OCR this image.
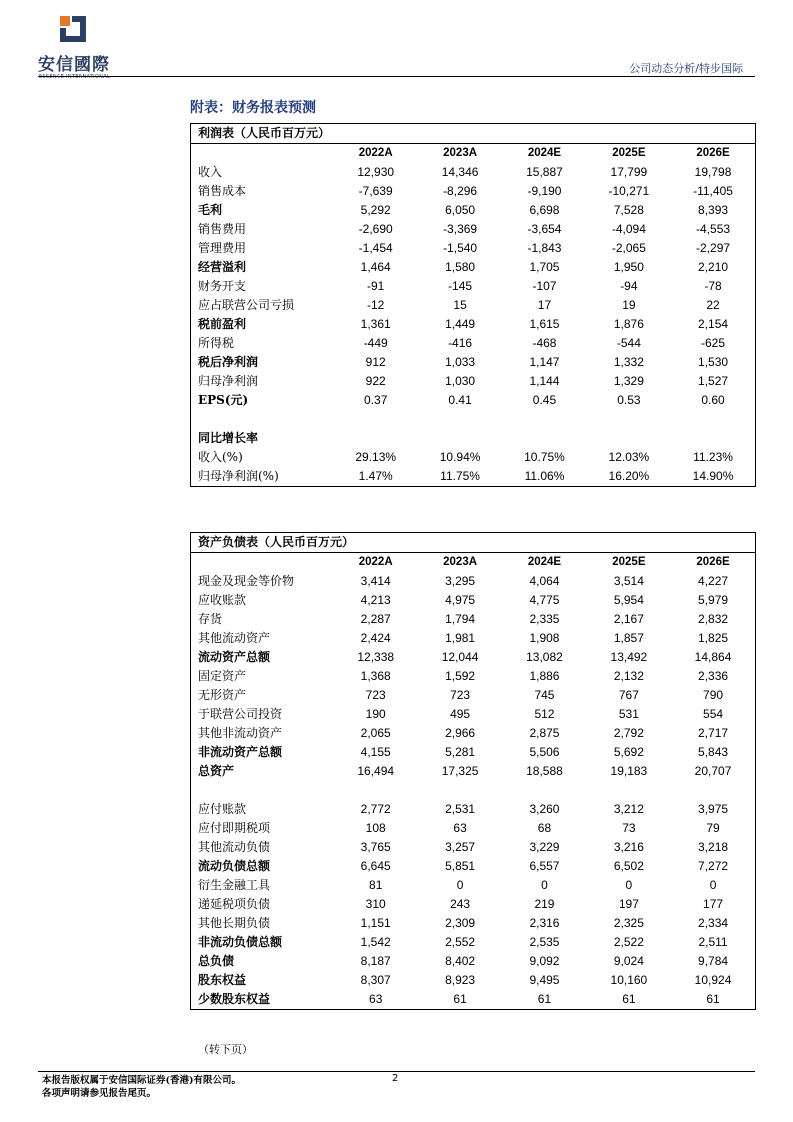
安信國際
ESSENCE INTERNATIONAL
公司动态分析/特步国际
附表：财务报表预测
利润表（人民币百万元）					
	2022A	2023A	2024E	2025E	2026E
收入	12,930	14,346	15,887	17,799	19,798
销售成本	-7,639	-8,296	-9,190	-10,271	-11,405
毛利	5,292	6,050	6,698	7,528	8,393
销售费用	-2,690	-3,369	-3,654	-4,094	-4,553
管理费用	-1,454	-1,540	-1,843	-2,065	-2,297
经营溢利	1,464	1,580	1,705	1,950	2,210
财务开支	-91	-145	-107	-94	-78
应占联营公司亏损	-12	15	17	19	22
税前盈利	1,361	1,449	1,615	1,876	2,154
所得税	-449	-416	-468	-544	-625
税后净利润	912	1,033	1,147	1,332	1,530
归母净利润	922	1,030	1,144	1,329	1,527
EPS(元)	0.37	0.41	0.45	0.53	0.60

同比增长率					
收入(%)	29.13%	10.94%	10.75%	12.03%	11.23%
归母净利润(%)	1.47%	11.75%	11.06%	16.20%	14.90%
资产负债表（人民币百万元）					
	2022A	2023A	2024E	2025E	2026E
现金及现金等价物	3,414	3,295	4,064	3,514	4,227
应收账款	4,213	4,975	4,775	5,954	5,979
存货	2,287	1,794	2,335	2,167	2,832
其他流动资产	2,424	1,981	1,908	1,857	1,825
流动资产总额	12,338	12,044	13,082	13,492	14,864
固定资产	1,368	1,592	1,886	2,132	2,336
无形资产	723	723	745	767	790
于联营公司投资	190	495	512	531	554
其他非流动资产	2,065	2,966	2,875	2,792	2,717
非流动资产总额	4,155	5,281	5,506	5,692	5,843
总资产	16,494	17,325	18,588	19,183	20,707

应付账款	2,772	2,531	3,260	3,212	3,975
应付即期税项	108	63	68	73	79
其他流动负债	3,765	3,257	3,229	3,216	3,218
流动负债总额	6,645	5,851	6,557	6,502	7,272
衍生金融工具	81	0	0	0	0
递延税项负债	310	243	219	197	177
其他长期负债	1,151	2,309	2,316	2,325	2,334
非流动负债总额	1,542	2,552	2,535	2,522	2,511
总负债	8,187	8,402	9,092	9,024	9,784
股东权益	8,307	8,923	9,495	10,160	10,924
少数股东权益	63	61	61	61	61
（转下页）
本报告版权属于安信国际证券(香港)有限公司。
各项声明请参见报告尾页。
2
